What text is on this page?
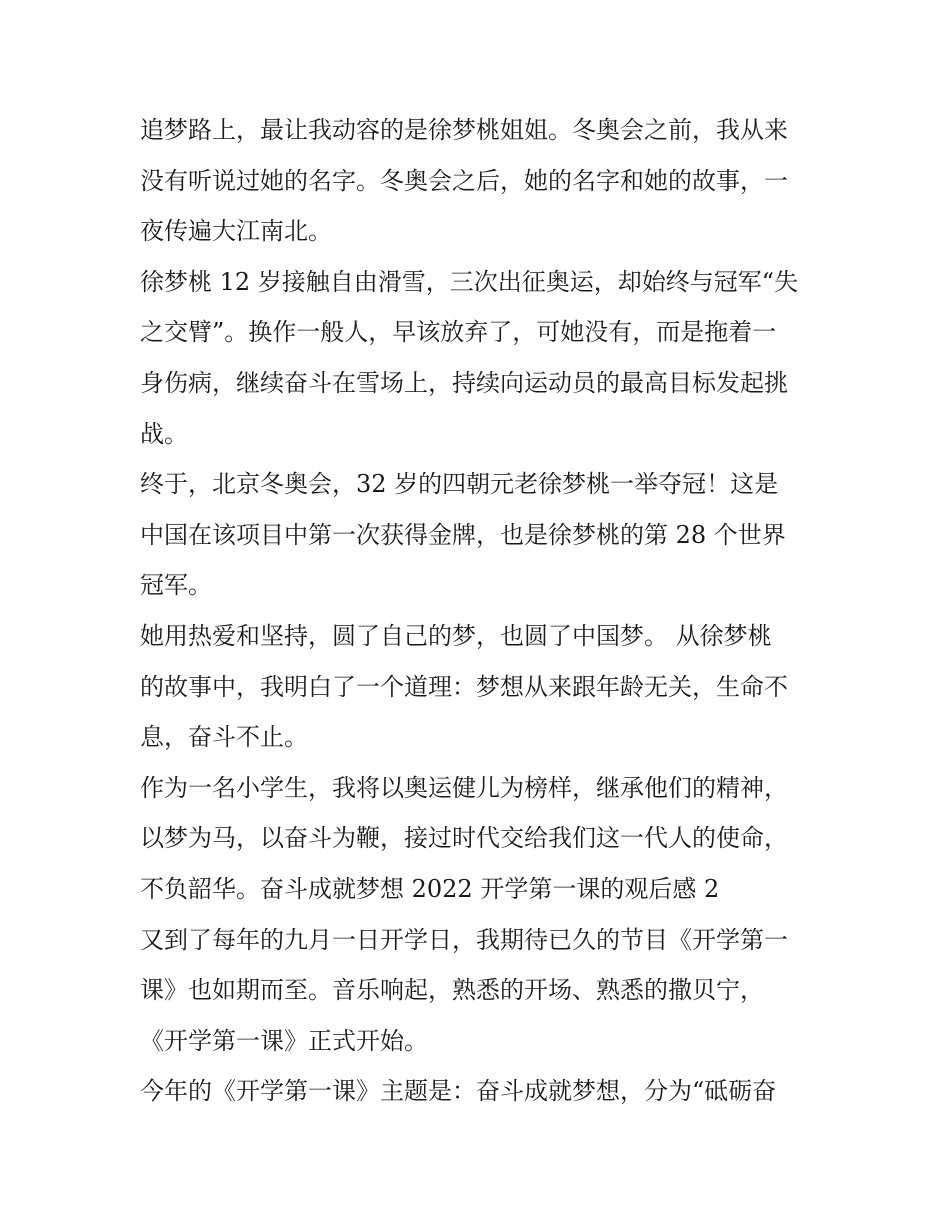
追梦路上，最让我动容的是徐梦桃姐姐。冬奥会之前，我从来
没有听说过她的名字。冬奥会之后，她的名字和她的故事，一
夜传遍大江南北。
徐梦桃 12 岁接触自由滑雪，三次出征奥运，却始终与冠军“失
之交臂”。换作一般人，早该放弃了，可她没有，而是拖着一
身伤病，继续奋斗在雪场上，持续向运动员的最高目标发起挑
战。
终于，北京冬奥会，32 岁的四朝元老徐梦桃一举夺冠！这是
中国在该项目中第一次获得金牌，也是徐梦桃的第 28 个世界
冠军。
她用热爱和坚持，圆了自己的梦，也圆了中国梦。 从徐梦桃
的故事中，我明白了一个道理：梦想从来跟年龄无关，生命不
息，奋斗不止。
作为一名小学生，我将以奥运健儿为榜样，继承他们的精神，
以梦为马，以奋斗为鞭，接过时代交给我们这一代人的使命，
不负韶华。奋斗成就梦想 2022 开学第一课的观后感 2
又到了每年的九月一日开学日，我期待已久的节目《开学第一
课》也如期而至。音乐响起，熟悉的开场、熟悉的撒贝宁，
《开学第一课》正式开始。
今年的《开学第一课》主题是：奋斗成就梦想，分为“砥砺奋
